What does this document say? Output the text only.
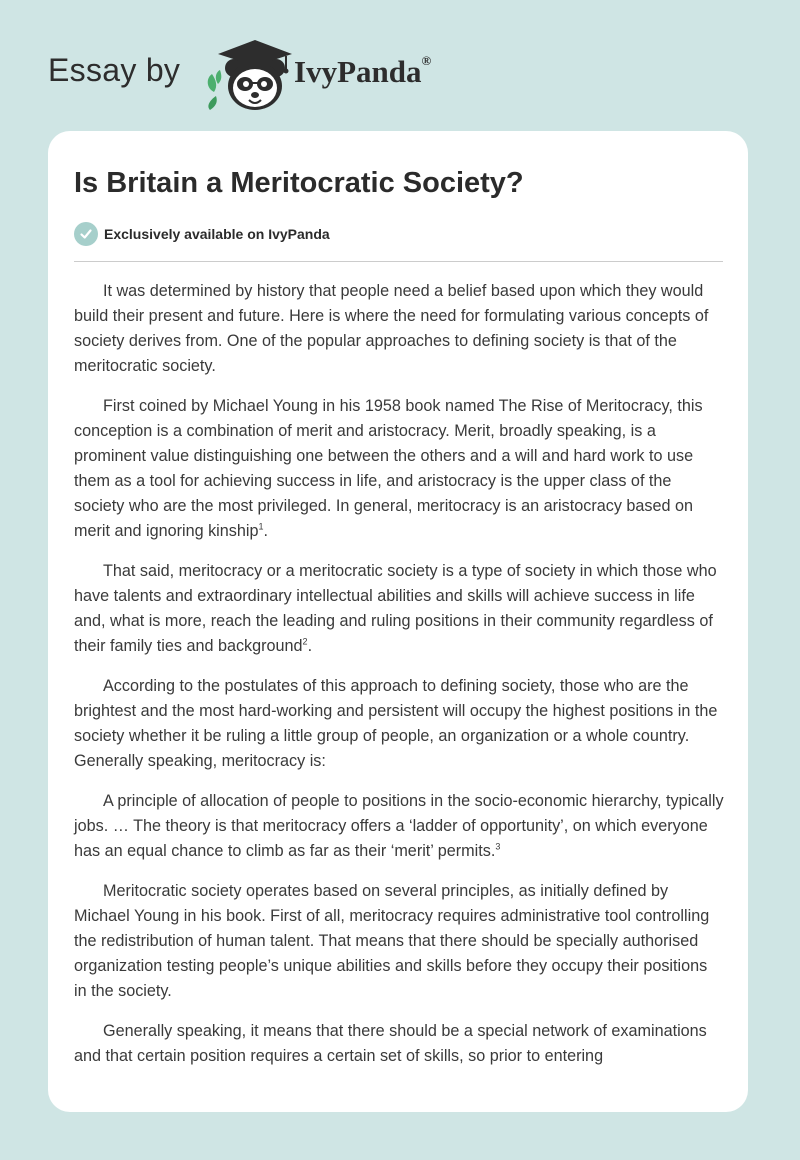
Essay by	IvyPanda®
Is Britain a Meritocratic Society?
Exclusively available on IvyPanda

It was determined by history that people need a belief based upon which they would build their present and future. Here is where the need for formulating various concepts of society derives from. One of the popular approaches to defining society is that of the meritocratic society.

First coined by Michael Young in his 1958 book named The Rise of Meritocracy, this conception is a combination of merit and aristocracy. Merit, broadly speaking, is a prominent value distinguishing one between the others and a will and hard work to use them as a tool for achieving success in life, and aristocracy is the upper class of the society who are the most privileged. In general, meritocracy is an aristocracy based on merit and ignoring kinship$^1$.

That said, meritocracy or a meritocratic society is a type of society in which those who have talents and extraordinary intellectual abilities and skills will achieve success in life and, what is more, reach the leading and ruling positions in their community regardless of their family ties and background$^2$.

According to the postulates of this approach to defining society, those who are the brightest and the most hard-working and persistent will occupy the highest positions in the society whether it be ruling a little group of people, an organization or a whole country. Generally speaking, meritocracy is:

A principle of allocation of people to positions in the socio-economic hierarchy, typically jobs. … The theory is that meritocracy offers a ‘ladder of opportunity’, on which everyone has an equal chance to climb as far as their ‘merit’ permits.$^3$

Meritocratic society operates based on several principles, as initially defined by Michael Young in his book. First of all, meritocracy requires administrative tool controlling the redistribution of human talent. That means that there should be specially authorised organization testing people’s unique abilities and skills before they occupy their positions in the society.

Generally speaking, it means that there should be a special network of examinations and that certain position requires a certain set of skills, so prior to entering
